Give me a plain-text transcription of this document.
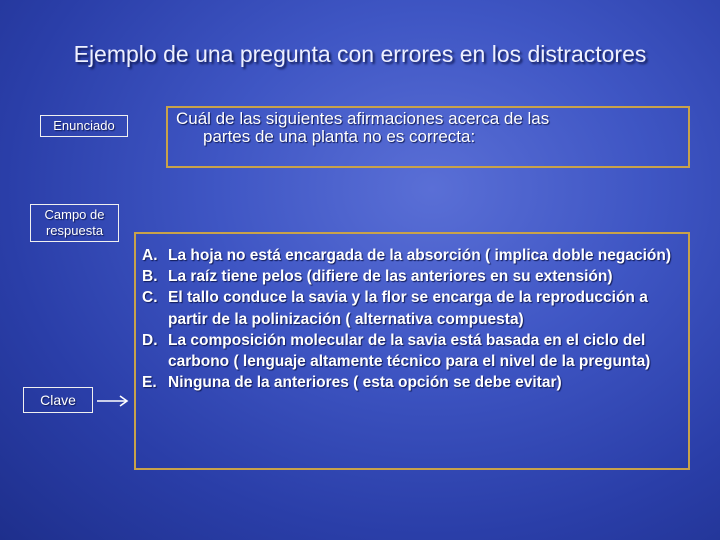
Ejemplo de una pregunta con errores en los distractores
Enunciado
Campo de respuesta
Clave
Cuál de las siguientes afirmaciones acerca de las
partes de una planta no es correcta:
A. La hoja no está encargada de la absorción ( implica doble negación)
B. La raíz tiene pelos (difiere de las anteriores en su extensión)
C. El tallo conduce la savia y la flor se encarga de la reproducción a partir de la polinización ( alternativa compuesta)
D. La composición molecular de la savia está basada en el ciclo del carbono ( lenguaje altamente técnico para el nivel de la pregunta)
E. Ninguna de la anteriores ( esta opción se debe evitar)
